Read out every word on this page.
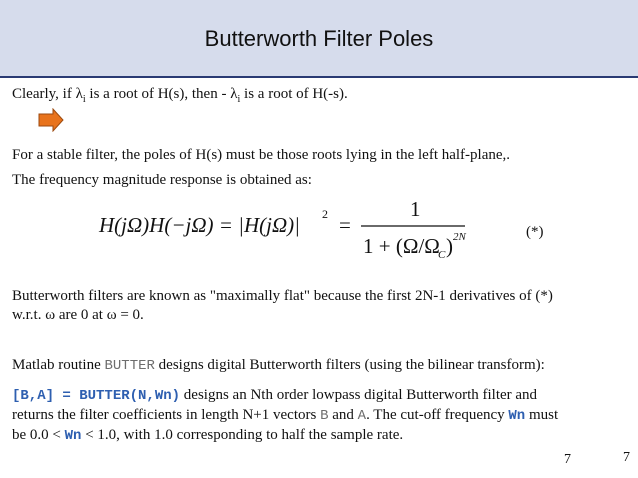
Butterworth Filter Poles
Clearly, if $\lambda_i$ is a root of H(s), then - $\lambda_i$ is a root of H(-s).
For a stable filter, the poles of H(s) must be those roots lying in the left half-plane,.
The frequency magnitude response is obtained as:
H(jΩ)H(−jΩ) = |H(jΩ)| 2 =
1
1 + (Ω/Ω
C ) 2N	(*)
Butterworth filters are known as "maximally flat" because the first 2N-1 derivatives of (*)
w.r.t. ω are 0 at ω = 0.
Matlab routine BUTTER designs digital Butterworth filters (using the bilinear transform):
[B,A] = BUTTER(N,Wn) designs an Nth order lowpass digital Butterworth filter and
returns the filter coefficients in length N+1 vectors B and A. The cut-off frequency Wn must
be 0.0 < Wn < 1.0, with 1.0 corresponding to half the sample rate.
7	7
